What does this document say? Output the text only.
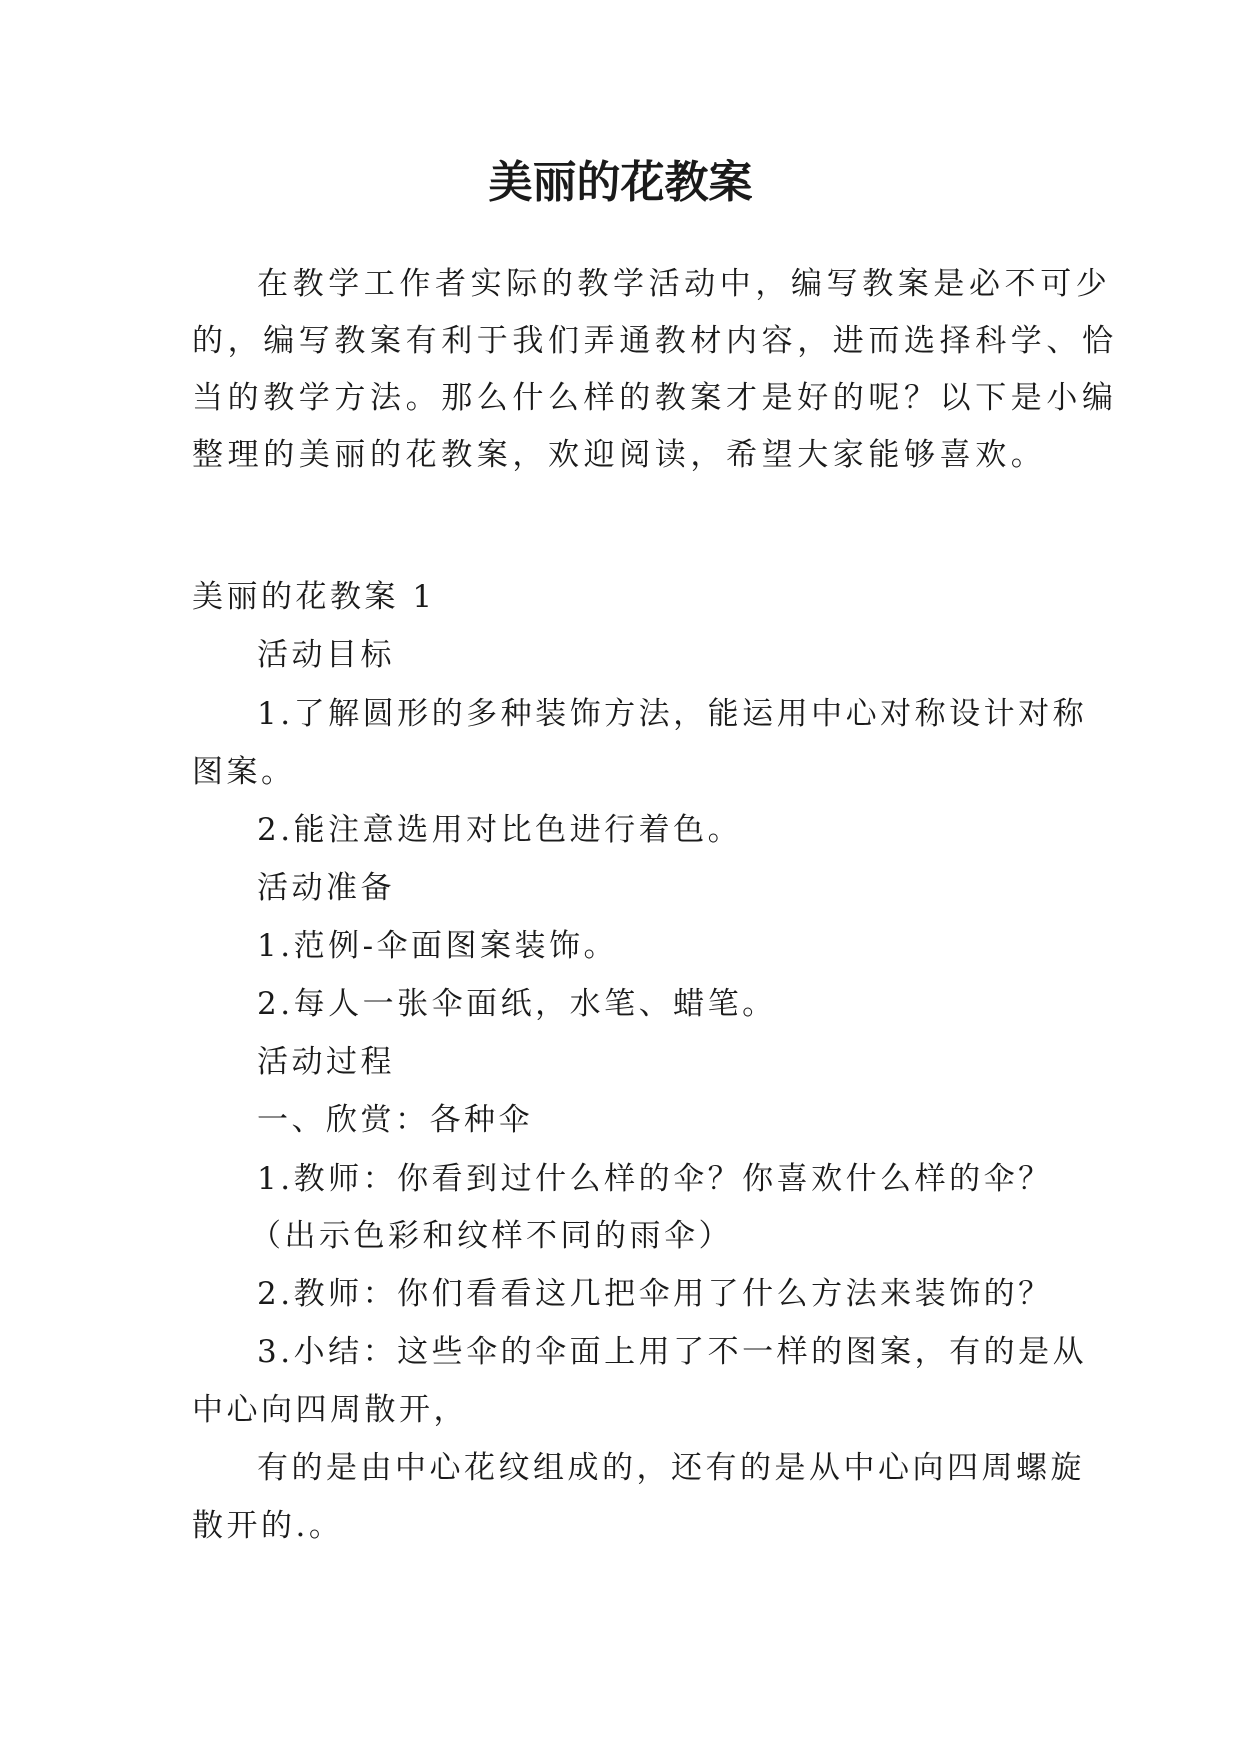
美丽的花教案
在教学工作者实际的教学活动中，编写教案是必不可少
的，编写教案有利于我们弄通教材内容，进而选择科学、恰
当的教学方法。那么什么样的教案才是好的呢？以下是小编
整理的美丽的花教案，欢迎阅读，希望大家能够喜欢。
美丽的花教案 1
活动目标
1.了解圆形的多种装饰方法，能运用中心对称设计对称
图案。
2.能注意选用对比色进行着色。
活动准备
1.范例-伞面图案装饰。
2.每人一张伞面纸，水笔、蜡笔。
活动过程
一、欣赏：各种伞
1.教师：你看到过什么样的伞？你喜欢什么样的伞？
（出示色彩和纹样不同的雨伞）
2.教师：你们看看这几把伞用了什么方法来装饰的？
3.小结：这些伞的伞面上用了不一样的图案，有的是从
中心向四周散开，
有的是由中心花纹组成的，还有的是从中心向四周螺旋
散开的.。
